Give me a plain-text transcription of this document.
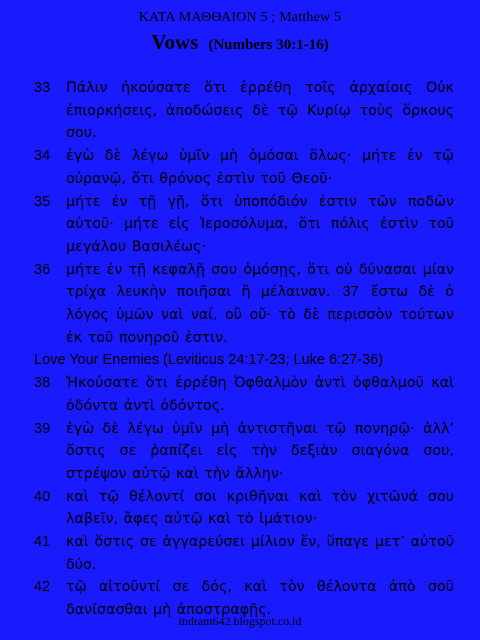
ΚΑΤΑ ΜΑΘΘΑΙΟΝ 5 ; Matthew 5
Vows (Numbers 30:1-16)
33 Πάλιν ἠκούσατε ὅτι ἐρρέθη τοῖς ἀρχαίοις Οὐκ ἐπιορκήσεις, ἀποδώσεις δὲ τῷ Κυρίῳ τοὺς ὅρκους σου.
34 ἐγὼ δὲ λέγω ὑμῖν μὴ ὀμόσαι ὅλως· μήτε ἐν τῷ οὐρανῷ, ὅτι θρόνος ἐστὶν τοῦ Θεοῦ·
35 μήτε ἐν τῇ γῇ, ὅτι ὑποπόδιόν ἐστιν τῶν ποδῶν αὐτοῦ· μήτε εἰς Ἱεροσόλυμα, ὅτι πόλις ἐστὶν τοῦ μεγάλου Βασιλέως·
36 μήτε ἐν τῇ κεφαλῇ σου ὀμόσῃς, ὅτι οὐ δύνασαι μίαν τρίχα λευκὴν ποιῆσαι ἢ μέλαιναν. 37 ἔστω δὲ ὁ λόγος ὑμῶν ναὶ ναί, οὒ οὔ· τὸ δὲ περισσὸν τούτων ἐκ τοῦ πονηροῦ ἐστιν.
Love Your Enemies (Leviticus 24:17-23; Luke 6:27-36)
38 Ἠκούσατε ὅτι ἐρρέθη Ὀφθαλμὸν ἀντὶ ὀφθαλμοῦ καὶ ὀδόντα ἀντὶ ὀδόντος.
39 ἐγὼ δὲ λέγω ὑμῖν μὴ ἀντιστῆναι τῷ πονηρῷ· ἀλλ’ ὅστις σε ῥαπίζει εἰς τὴν δεξιὰν σιαγόνα σου, στρέψον αὐτῷ καὶ τὴν ἄλλην·
40 καὶ τῷ θέλοντί σοι κριθῆναι καὶ τὸν χιτῶνά σου λαβεῖν, ἄφες αὐτῷ καὶ τὸ ἱμάτιον·
41 καὶ ὅστις σε ἀγγαρεύσει μίλιον ἕν, ὕπαγε μετ’ αὐτοῦ δύο.
42 τῷ αἰτοῦντί σε δός, καὶ τὸν θέλοντα ἀπὸ σοῦ δανίσασθαι μὴ ἀποστραφῇς.
indram642.blogspot.co.id
